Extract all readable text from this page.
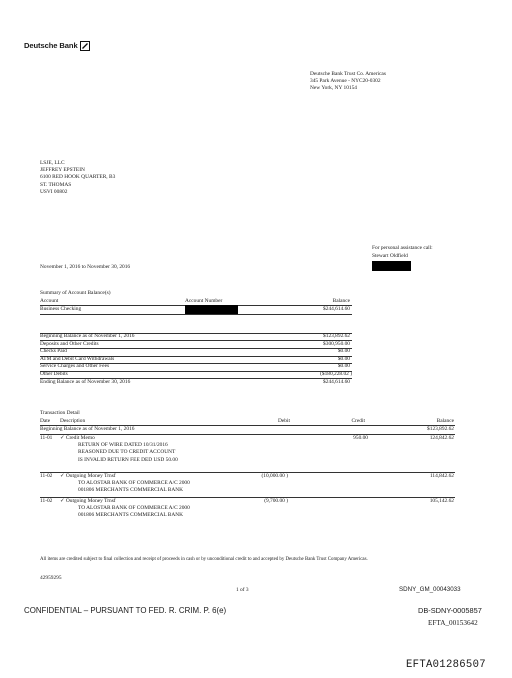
Deutsche Bank
Deutsche Bank Trust Co. Americas
345 Park Avenue - NYC20-0302
New York, NY 10154
LSJE, LLC
JEFFREY EPSTEIN
6100 RED HOOK QUARTER, B3
ST. THOMAS
USVI 00802
For personal assistance call:
Stewart Oldfield
November 1, 2016 to November 30, 2016
Summary of Account Balance(s)
Account	Account Number	Balance
Business Checking	$244,614.60
Beginning Balance as of November 1, 2016	$123,892.62
Deposits and Other Credits	$300,950.00
Checks Paid	$0.00
ATM and Debit Card Withdrawals	$0.00
Service Charges and Other Fees	$0.00
Other Debits	($180,228.02 )
Ending Balance as of November 30, 2016	$244,614.60
Transaction Detail
Date Description	Debit	Credit	Balance
Beginning Balance as of November 1, 2016	$123,892.62
11-01 ✓ Credit Memo
RETURN OF WIRE DATED 10/31/2016
REASONED DUE TO CREDIT ACCOUNT
IS INVALID RETURN FEE DED USD 50.00
950.00	124,842.62
11-02 ✓ Outgoing Money Trnsf
TO ALOSTAR BANK OF COMMERCE A/C 2000
001806 MERCHANTS COMMERCIAL BANK
(10,000.00 )	114,842.62
11-02 ✓ Outgoing Money Trnsf
TO ALOSTAR BANK OF COMMERCE A/C 2000
001806 MERCHANTS COMMERCIAL BANK
(9,700.00 )	105,142.62
All items are credited subject to final collection and receipt of proceeds in cash or by unconditional credit to and accepted by Deutsche Bank Trust Company Americas.
42959295
1 of 3	SDNY_GM_00043033
CONFIDENTIAL – PURSUANT TO FED. R. CRIM. P. 6(e)	DB-SDNY-0005857
EFTA_00153642
EFTA01286507
